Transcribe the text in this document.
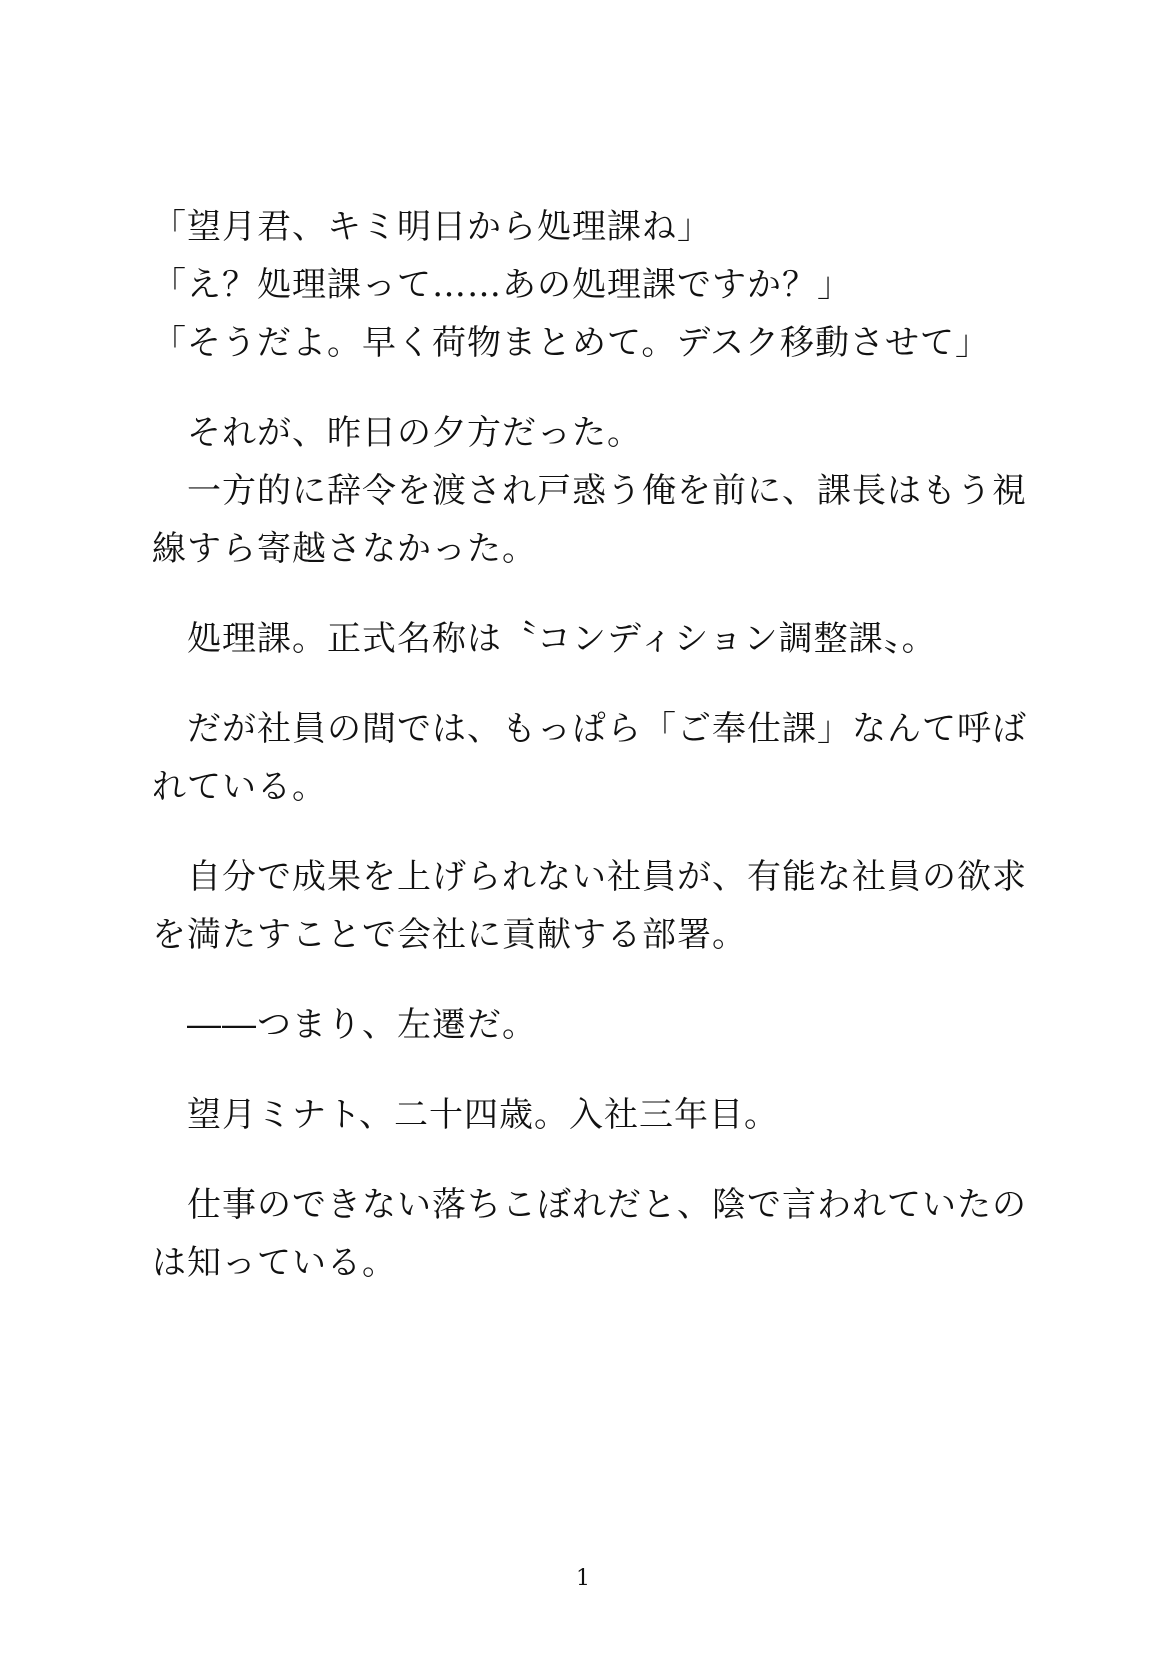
「望月君、キミ明日から処理課ね」
「え？処理課って……あの処理課ですか？」
「そうだよ。早く荷物まとめて。デスク移動させて」
　それが、昨日の夕方だった。
　一方的に辞令を渡され戸惑う俺を前に、課長はもう視
線すら寄越さなかった。
　処理課。正式名称は〝コンディション調整課〟。
　だが社員の間では、もっぱら「ご奉仕課」なんて呼ば
れている。
　自分で成果を上げられない社員が、有能な社員の欲求
を満たすことで会社に貢献する部署。
　――つまり、左遷だ。
　望月ミナト、二十四歳。入社三年目。
　仕事のできない落ちこぼれだと、陰で言われていたの
は知っている。
1
